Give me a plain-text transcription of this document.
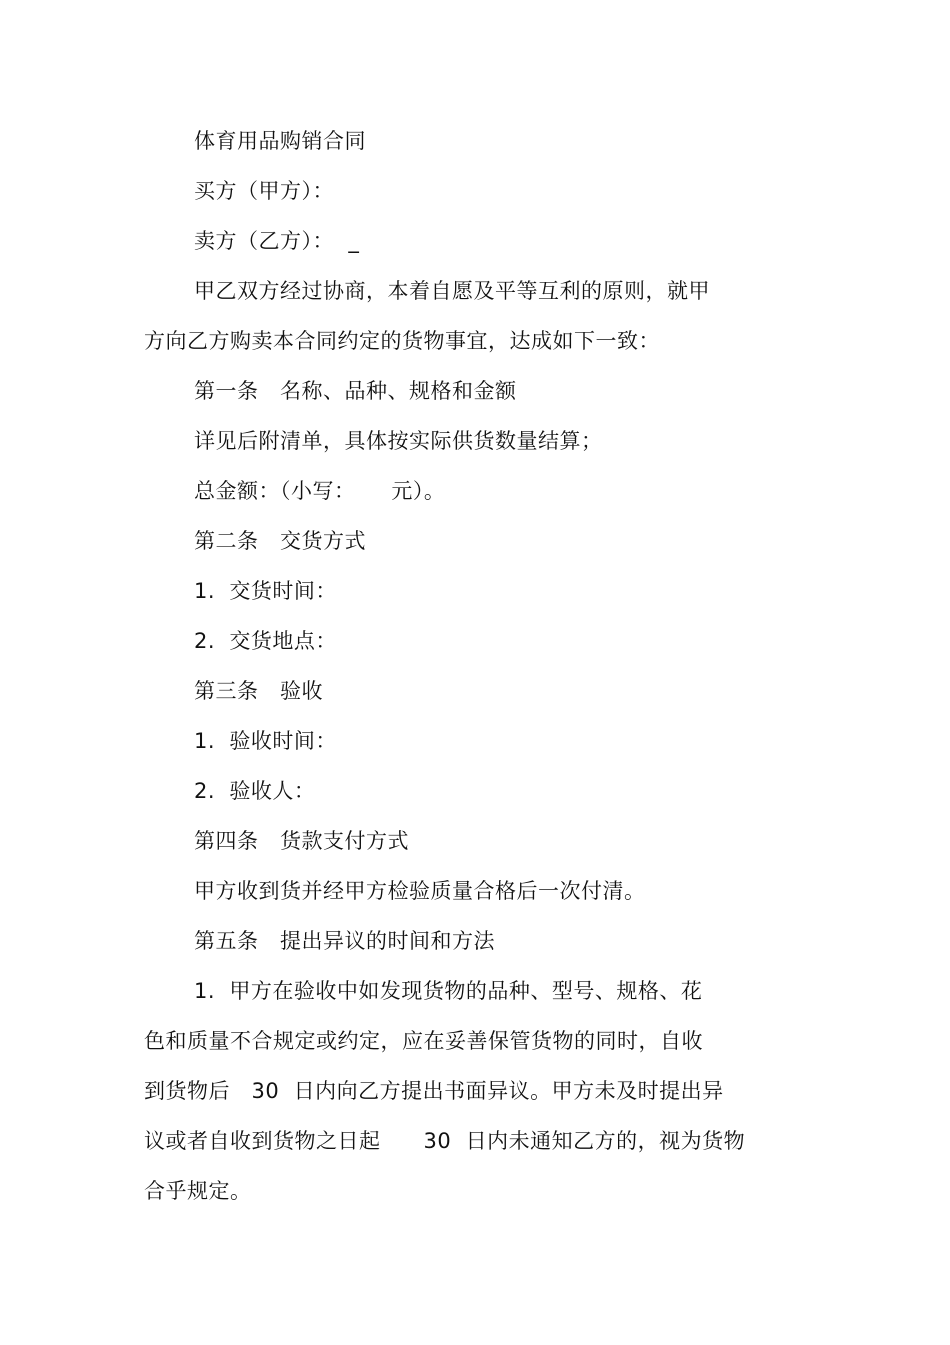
体育用品购销合同
买方（甲方）：
卖方（乙方）：  _
甲乙双方经过协商，本着自愿及平等互利的原则，就甲
方向乙方购卖本合同约定的货物事宜，达成如下一致：
第一条   名称、品种、规格和金额
详见后附清单，具体按实际供货数量结算；
总金额：（小写：     元）。
第二条   交货方式
1.  交货时间：
2.  交货地点：
第三条   验收
1.  验收时间：
2.  验收人：
第四条   货款支付方式
甲方收到货并经甲方检验质量合格后一次付清。
第五条   提出异议的时间和方法
1.  甲方在验收中如发现货物的品种、型号、规格、花
色和质量不合规定或约定，应在妥善保管货物的同时，自收
到货物后   30  日内向乙方提出书面异议。甲方未及时提出异
议或者自收到货物之日起      30  日内未通知乙方的，视为货物
合乎规定。
